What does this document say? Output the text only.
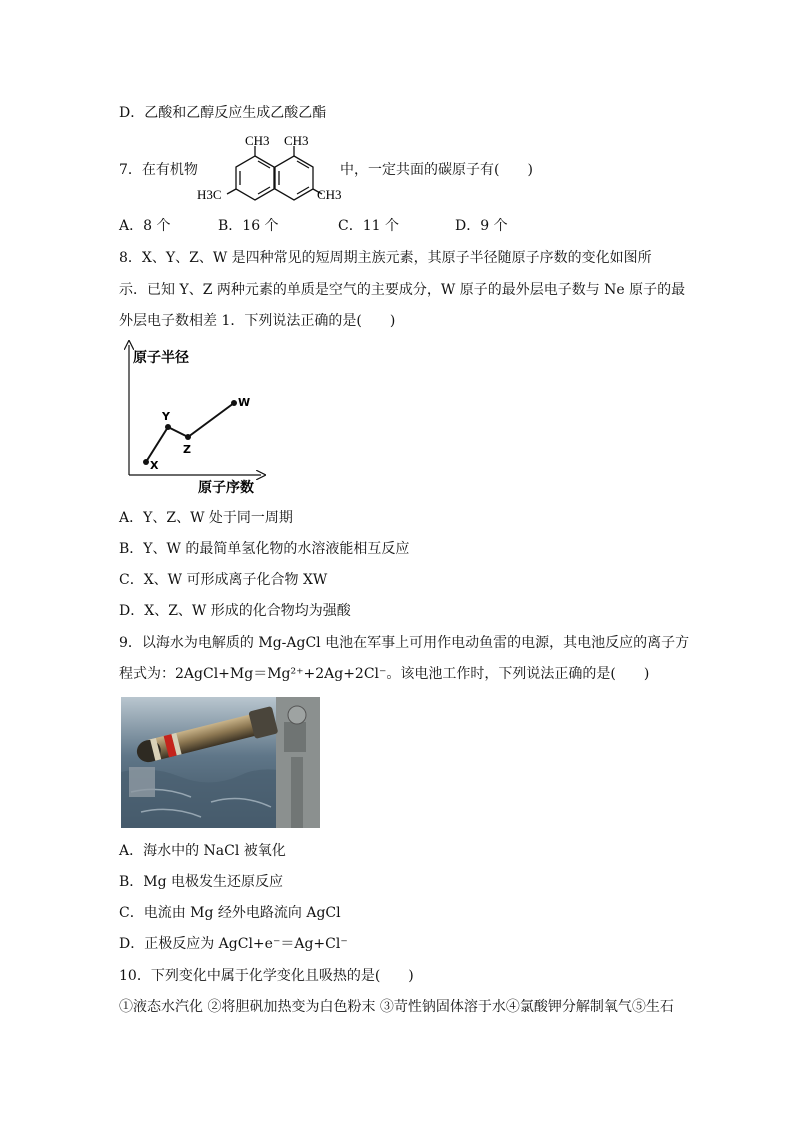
D．乙酸和乙醇反应生成乙酸乙酯
7．在有机物
CH3 CH3
H3C	CH3
中，一定共面的碳原子有(　　)
A．8 个	B．16 个	C．11 个	D．9 个
8．X、Y、Z、W 是四种常见的短周期主族元素，其原子半径随原子序数的变化如图所
示．已知 Y、Z 两种元素的单质是空气的主要成分，W 原子的最外层电子数与 Ne 原子的最
外层电子数相差 1．下列说法正确的是(　　)
原子半径
原子序数
X
Y
Z
W
A．Y、Z、W 处于同一周期
B．Y、W 的最简单氢化物的水溶液能相互反应
C．X、W 可形成离子化合物 XW
D．X、Z、W 形成的化合物均为强酸
9．以海水为电解质的 Mg-AgCl 电池在军事上可用作电动鱼雷的电源，其电池反应的离子方
程式为：2AgCl+Mg＝Mg²⁺+2Ag+2Cl⁻。该电池工作时，下列说法正确的是(　　)
A．海水中的 NaCl 被氧化
B．Mg 电极发生还原反应
C．电流由 Mg 经外电路流向 AgCl
D．正极反应为 AgCl+e⁻＝Ag+Cl⁻
10．下列变化中属于化学变化且吸热的是(　　)
①液态水汽化 ②将胆矾加热变为白色粉末 ③苛性钠固体溶于水④氯酸钾分解制氧气⑤生石
